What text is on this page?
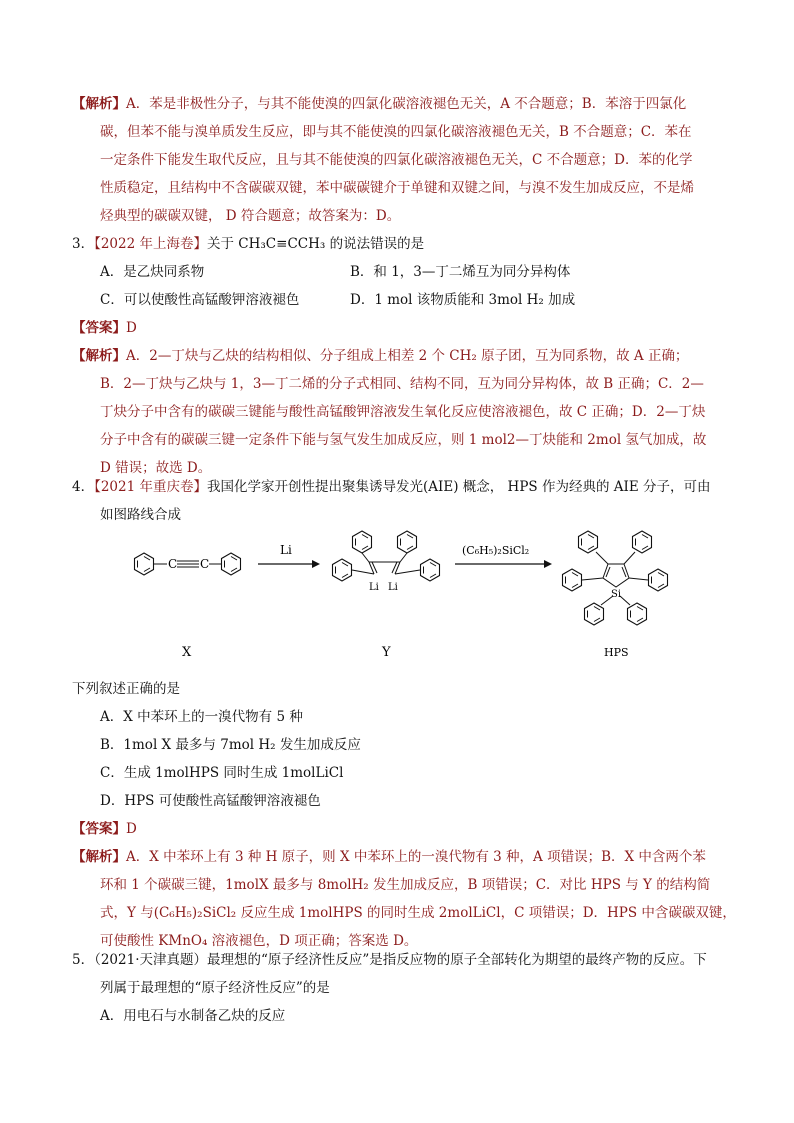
【解析】A．苯是非极性分子，与其不能使溴的四氯化碳溶液褪色无关，A 不合题意；B．苯溶于四氯化
碳，但苯不能与溴单质发生反应，即与其不能使溴的四氯化碳溶液褪色无关，B 不合题意；C．苯在
一定条件下能发生取代反应，且与其不能使溴的四氯化碳溶液褪色无关，C 不合题意；D．苯的化学
性质稳定，且结构中不含碳碳双键，苯中碳碳键介于单键和双键之间，与溴不发生加成反应，不是烯
烃典型的碳碳双键， D 符合题意；故答案为：D。
3．【2022 年上海卷】关于 CH₃C≡CCH₃ 的说法错误的是
A．是乙炔同系物	B．和 1，3—丁二烯互为同分异构体
C．可以使酸性高锰酸钾溶液褪色	D．1 mol 该物质能和 3mol H₂ 加成
【答案】D
【解析】A．2—丁炔与乙炔的结构相似、分子组成上相差 2 个 CH₂ 原子团，互为同系物，故 A 正确；
B．2—丁炔与乙炔与 1，3—丁二烯的分子式相同、结构不同，互为同分异构体，故 B 正确；C．2—
丁炔分子中含有的碳碳三键能与酸性高锰酸钾溶液发生氧化反应使溶液褪色，故 C 正确；D．2—丁炔
分子中含有的碳碳三键一定条件下能与氢气发生加成反应，则 1 mol2—丁炔能和 2mol 氢气加成，故
D 错误；故选 D。
4．【2021 年重庆卷】我国化学家开创性提出聚集诱导发光(AIE) 概念， HPS 作为经典的 AIE 分子，可由
如图路线合成
C C
X
Li
Li Li
Y
(C₆H₅)₂SiCl₂
Si
HPS
下列叙述正确的是
A．X 中苯环上的一溴代物有 5 种
B．1mol X 最多与 7mol H₂ 发生加成反应
C．生成 1molHPS 同时生成 1molLiCl
D．HPS 可使酸性高锰酸钾溶液褪色
【答案】D
【解析】A．X 中苯环上有 3 种 H 原子，则 X 中苯环上的一溴代物有 3 种，A 项错误；B．X 中含两个苯
环和 1 个碳碳三键，1molX 最多与 8molH₂ 发生加成反应，B 项错误；C．对比 HPS 与 Y 的结构简
式，Y 与(C₆H₅)₂SiCl₂ 反应生成 1molHPS 的同时生成 2molLiCl，C 项错误；D．HPS 中含碳碳双键，
可使酸性 KMnO₄ 溶液褪色，D 项正确；答案选 D。
5．（2021·天津真题）最理想的“原子经济性反应”是指反应物的原子全部转化为期望的最终产物的反应。下
列属于最理想的“原子经济性反应”的是
A．用电石与水制备乙炔的反应
